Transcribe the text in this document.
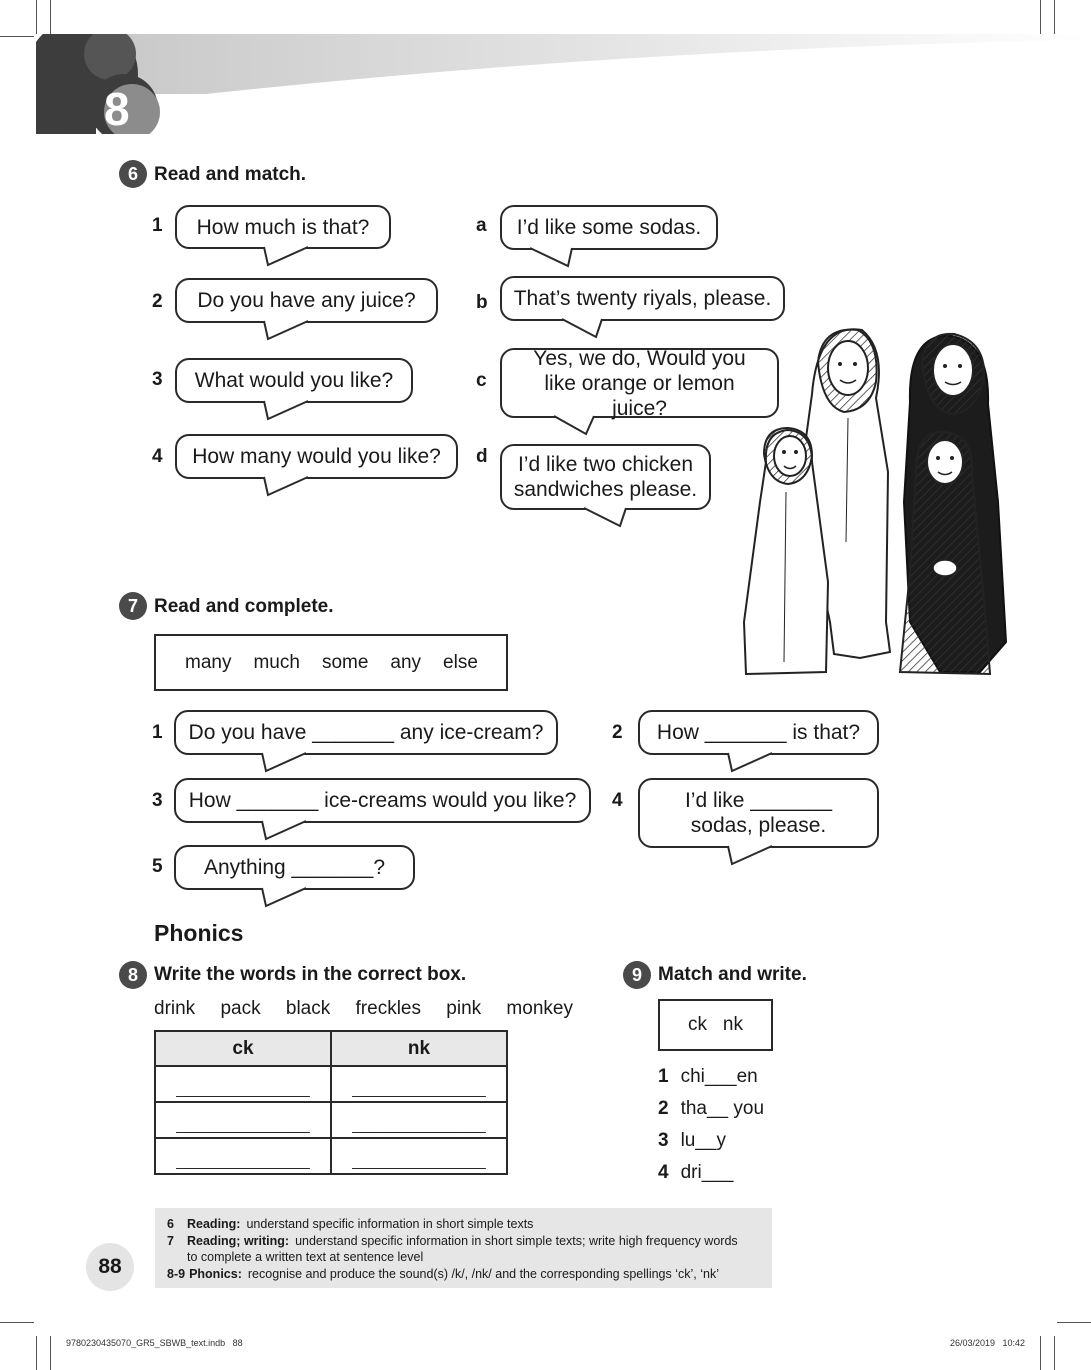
8
6 Read and match.
1 How much is that?
2 Do you have any juice?
3 What would you like?
4 How many would you like?
a I’d like some sodas.
b That’s twenty riyals, please.
c
Yes, we do, Would you like orange or lemon juice?
d I’d like two chicken sandwiches please.
7 Read and complete.
many much some any else
1 Do you have _______ any ice-cream?	2 How _______ is that?
3 How _______ ice-creams would you like? 4	I’d like _______ sodas, please.
5 Anything _______?
Phonics
8 Write the words in the correct box.
drink pack black freckles pink monkey
ck	nk
________________	________________
________________	________________
________________	________________
9 Match and write.
ck   nk
1 chi___en
2 tha__ you
3 lu__y
4 dri___
6 Reading: understand specific information in short simple texts
7 Reading; writing: understand specific information in short simple texts; write high frequency words
to complete a written text at sentence level
8-9 Phonics: recognise and produce the sound(s) /k/, /nk/ and the corresponding spellings ‘ck’, ‘nk’
88
9780230435070_GR5_SBWB_text.indb   88	26/03/2019   10:42
